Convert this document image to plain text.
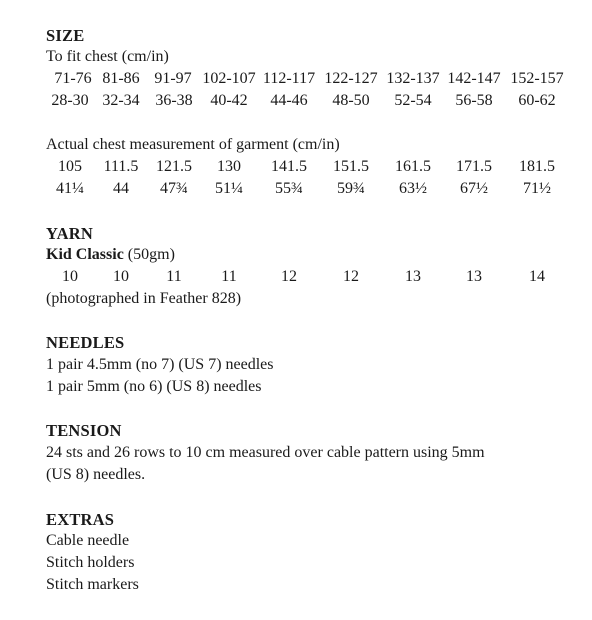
SIZE
To fit chest (cm/in)
71-76 81-86 91-97 102-107 112-117 122-127 132-137 142-147 152-157
28-30 32-34 36-38	40-42	44-46	48-50	52-54	56-58	60-62
Actual chest measurement of garment (cm/in)
105	111.5	121.5	130	141.5	151.5	161.5	171.5	181.5
41¼	44	47¾	51¼	55¾	59¾	63½	67½	71½
YARN
Kid Classic (50gm)
10	10	11	11	12	12	13	13	14
(photographed in Feather 828)
NEEDLES
1 pair 4.5mm (no 7) (US 7) needles
1 pair 5mm (no 6) (US 8) needles
TENSION
24 sts and 26 rows to 10 cm measured over cable pattern using 5mm
(US 8) needles.
EXTRAS
Cable needle
Stitch holders
Stitch markers
